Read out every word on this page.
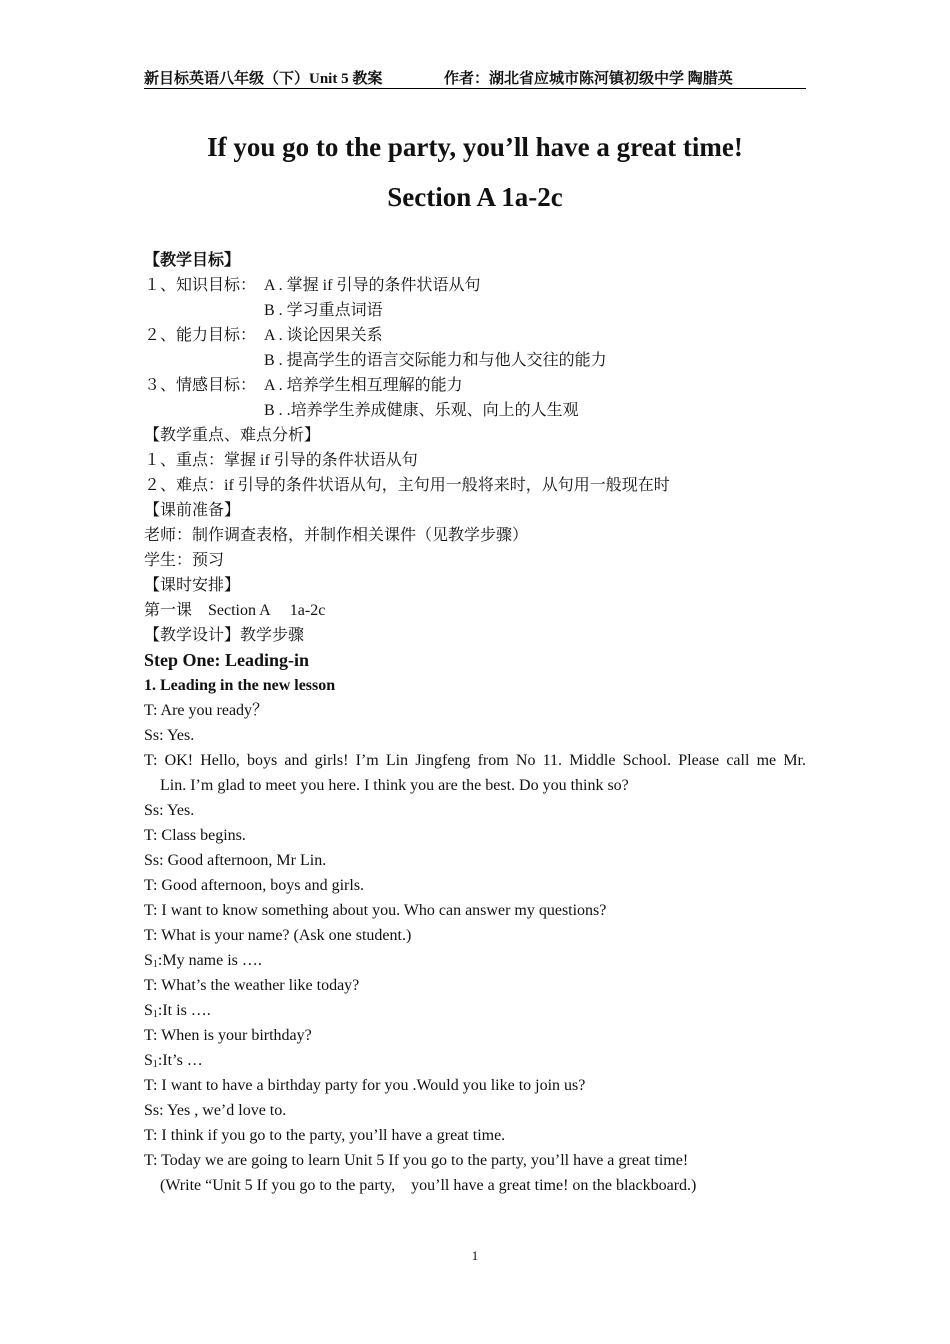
新目标英语八年级（下）Unit 5 教案	作者：湖北省应城市陈河镇初级中学 陶腊英
If you go to the party, you’ll have a great time!
Section A 1a-2c
【教学目标】
１、知识目标： A . 掌握 if 引导的条件状语从句
B . 学习重点词语
２、能力目标： A . 谈论因果关系
B . 提高学生的语言交际能力和与他人交往的能力
３、情感目标： A . 培养学生相互理解的能力
B . .培养学生养成健康、乐观、向上的人生观
【教学重点、难点分析】
１、重点：掌握 if 引导的条件状语从句
２、难点：if 引导的条件状语从句，主句用一般将来时，从句用一般现在时
【课前准备】
老师：制作调查表格，并制作相关课件（见教学步骤）
学生：预习
【课时安排】
第一课    Section A     1a-2c
【教学设计】教学步骤
Step One: Leading-in
1. Leading in the new lesson
T: Are you ready？
Ss: Yes.
T: OK! Hello, boys and girls! I’m Lin Jingfeng from No 11. Middle School. Please call me Mr.
Lin. I’m glad to meet you here. I think you are the best. Do you think so?
Ss: Yes.
T: Class begins.
Ss: Good afternoon, Mr Lin.
T: Good afternoon, boys and girls.
T: I want to know something about you. Who can answer my questions?
T: What is your name? (Ask one student.)
$S_1:My$ name is ….
T: What’s the weather like today?
$S_1:It$ is ….
T: When is your birthday?
$S_1:It’s$ …
T: I want to have a birthday party for you .Would you like to join us?
Ss: Yes , we’d love to.
T: I think if you go to the party, you’ll have a great time.
T: Today we are going to learn Unit 5 If you go to the party, you’ll have a great time!
(Write “Unit 5 If you go to the party,    you’ll have a great time! on the blackboard.)
1
